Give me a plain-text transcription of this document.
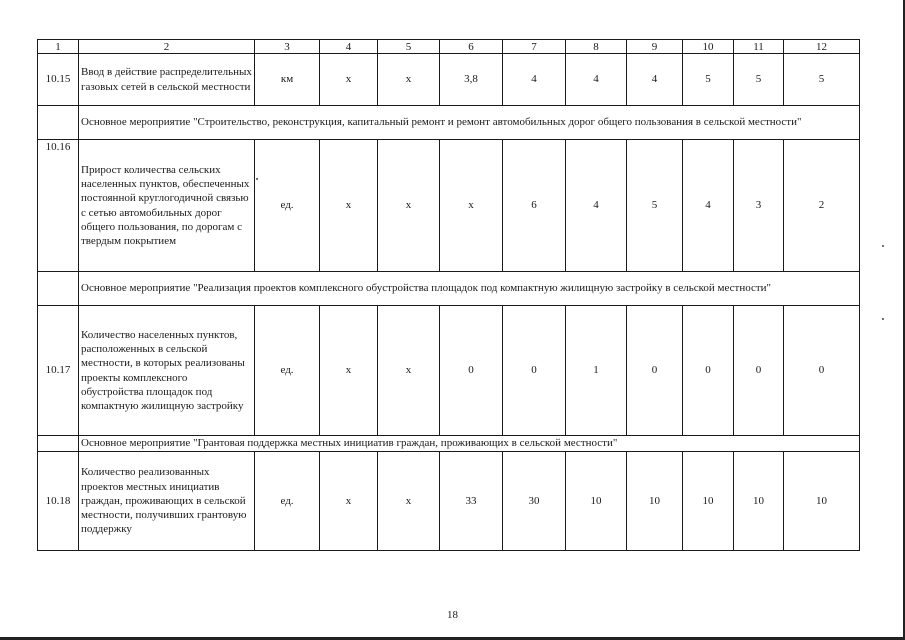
1	2	3	4	5	6	7	8	9	10	11	12
10.15	Ввод в действие распределительных газовых сетей в сельской местности	км	х	х	3,8	4	4	4	5	5	5
	Основное мероприятие "Строительство, реконструкция, капитальный ремонт и ремонт автомобильных дорог общего пользования в сельской местности"										
10.16	Прирост количества сельских населенных пунктов, обеспеченных постоянной круглогодичной связью с сетью автомобильных дорог общего пользования, по дорогам с твердым покрытием	ед.	х	х	х	6	4	5	4	3	2
	Основное мероприятие "Реализация проектов комплексного обустройства площадок под компактную жилищную застройку в сельской местности"										
10.17	Количество населенных пунктов, расположенных в сельской местности, в которых реализованы проекты комплексного обустройства площадок под компактную жилищную застройку	ед.	х	х	0	0	1	0	0	0	0
	Основное мероприятие "Грантовая поддержка местных инициатив граждан, проживающих в сельской местности"										
10.18	Количество реализованных проектов местных инициатив граждан, проживающих в сельской местности, получивших грантовую поддержку	ед.	х	х	33	30	10	10	10	10	10
18
